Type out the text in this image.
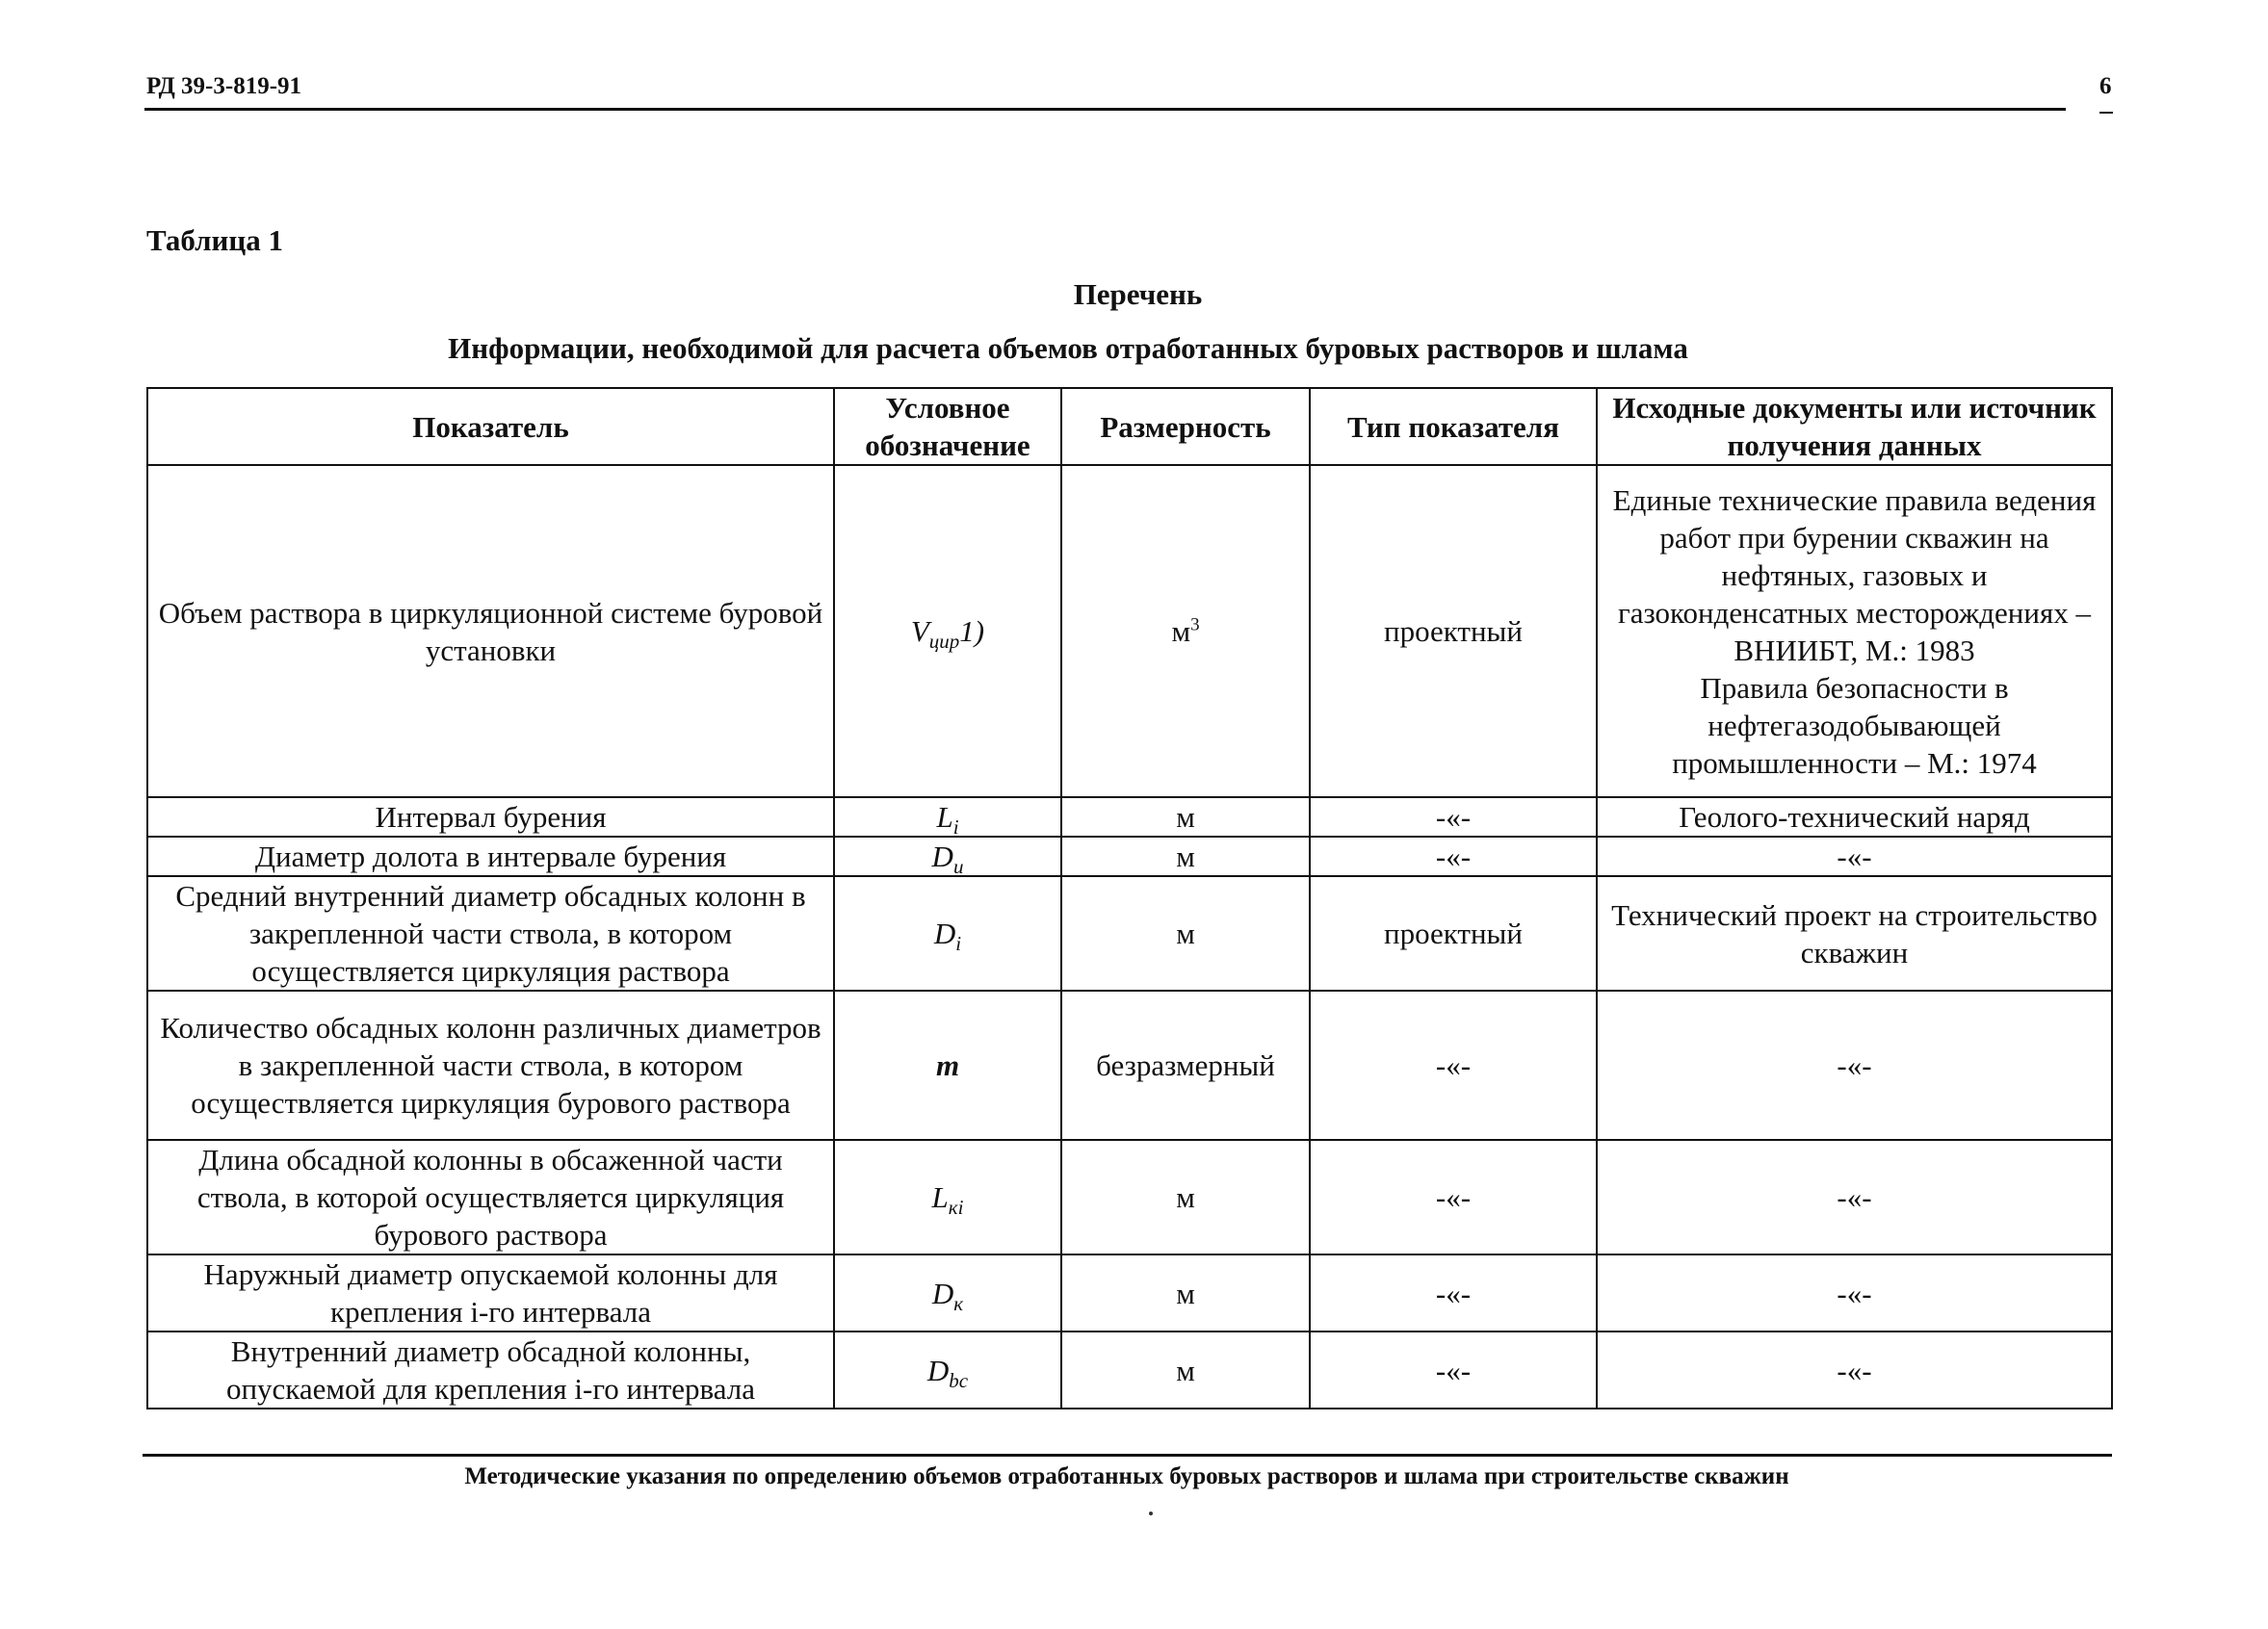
РД 39-3-819-91	6
Таблица 1
Перечень
Информации, необходимой для расчета объемов отработанных буровых растворов и шлама
Показатель	Условное обозначение	Размерность	Тип показателя	Исходные документы или источник получения данных
Объем раствора в циркуляционной системе буровой установки	$V_{цир}1$)	$м^3$	проектный	Единые технические правила ведения работ при бурении скважин на нефтяных, газовых и газоконденсатных месторождениях – ВНИИБТ, М.: 1983
Правила безопасности в нефтегазодобывающей промышленности – М.: 1974
Интервал бурения	$L_i$	м	-«-	Геолого-технический наряд
Диаметр долота в интервале бурения	$D_u$	м	-«-	-«-
Средний внутренний диаметр обсадных колонн в закрепленной части ствола, в котором осуществляется циркуляция раствора	$D_i$	м	проектный	Технический проект на строительство скважин
Количество обсадных колонн различных диаметров в закрепленной части ствола, в котором осуществляется циркуляция бурового раствора	m	безразмерный	-«-	-«-
Длина обсадной колонны в обсаженной части ствола, в которой осуществляется циркуляция бурового раствора	$L_{кi}$	м	-«-	-«-
Наружный диаметр опускаемой колонны для крепления i-го интервала	$D_к$	м	-«-	-«-
Внутренний диаметр обсадной колонны, опускаемой для крепления i-го интервала	$D_{bc}$	м	-«-	-«-
Методические указания по определению объемов отработанных буровых растворов и шлама при строительстве скважин
